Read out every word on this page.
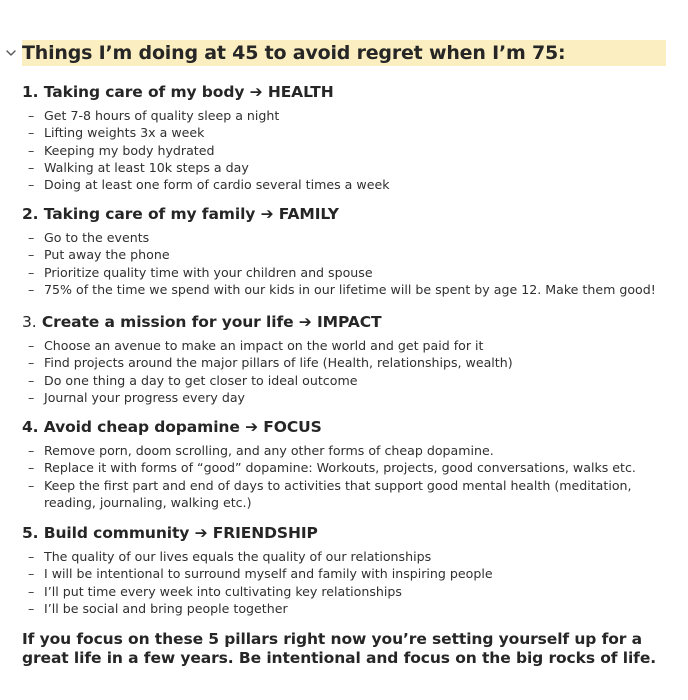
Things I’m doing at 45 to avoid regret when I’m 75:
1. Taking care of my body ➔ HEALTH
– Get 7-8 hours of quality sleep a night
– Lifting weights 3x a week
– Keeping my body hydrated
– Walking at least 10k steps a day
– Doing at least one form of cardio several times a week
2. Taking care of my family ➔ FAMILY
– Go to the events
– Put away the phone
– Prioritize quality time with your children and spouse
– 75% of the time we spend with our kids in our lifetime will be spent by age 12. Make them good!
3. Create a mission for your life ➔ IMPACT
– Choose an avenue to make an impact on the world and get paid for it
– Find projects around the major pillars of life (Health, relationships, wealth)
– Do one thing a day to get closer to ideal outcome
– Journal your progress every day
4. Avoid cheap dopamine ➔ FOCUS
– Remove porn, doom scrolling, and any other forms of cheap dopamine.
– Replace it with forms of “good” dopamine: Workouts, projects, good conversations, walks etc.
– Keep the first part and end of days to activities that support good mental health (meditation, reading, journaling, walking etc.)
5. Build community ➔ FRIENDSHIP
– The quality of our lives equals the quality of our relationships
– I will be intentional to surround myself and family with inspiring people
– I’ll put time every week into cultivating key relationships
– I’ll be social and bring people together
If you focus on these 5 pillars right now you’re setting yourself up for a great life in a few years. Be intentional and focus on the big rocks of life.
